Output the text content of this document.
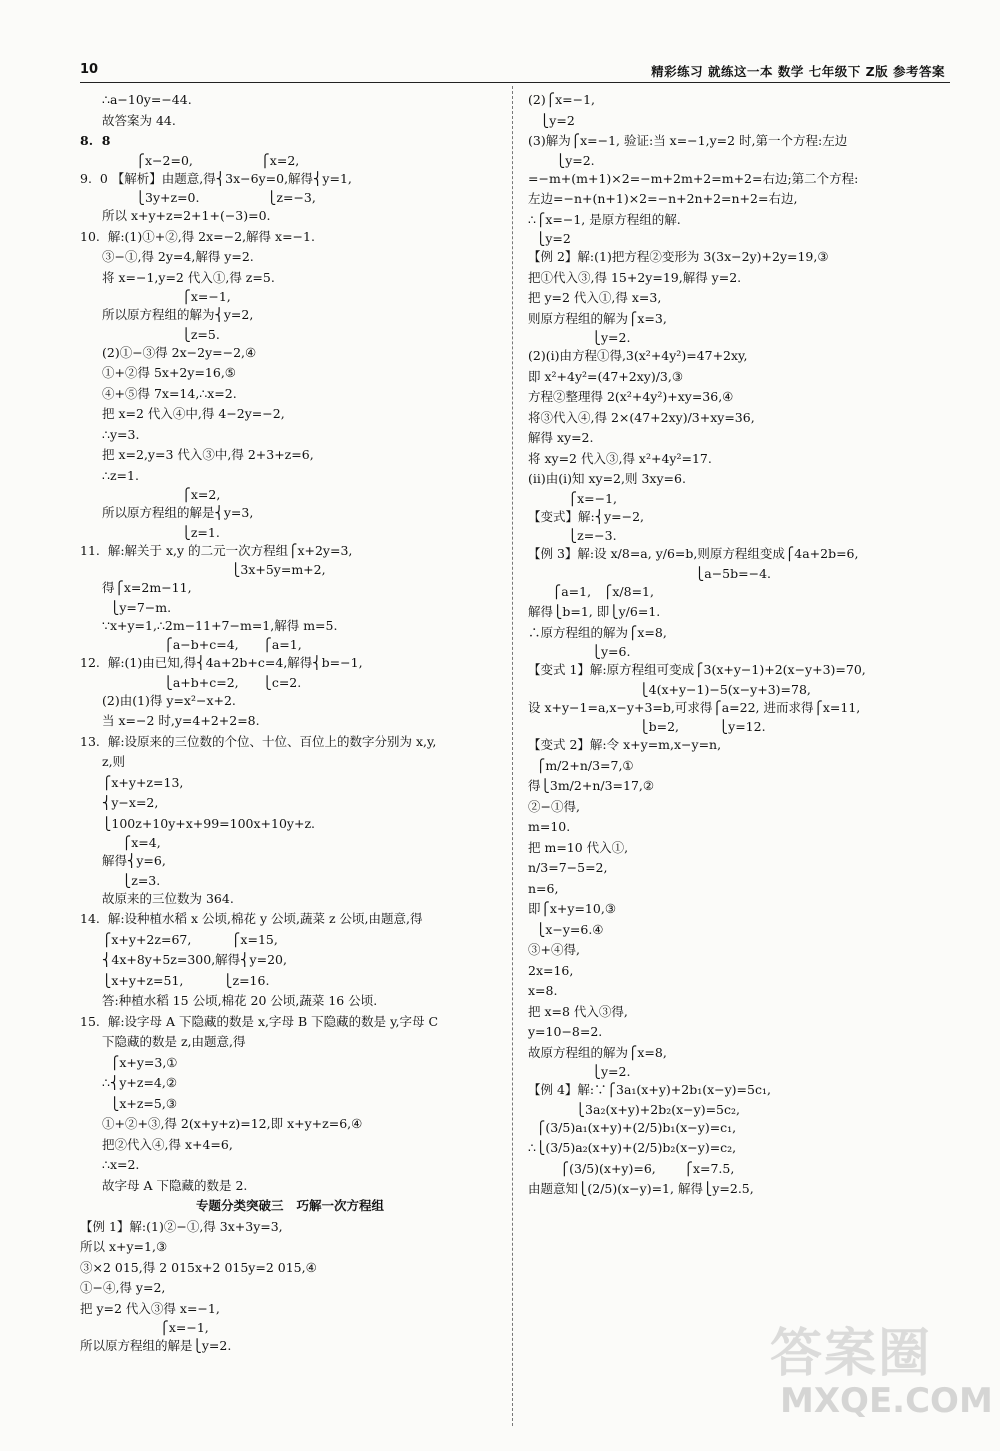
10	精彩练习 就练这一本 数学 七年级下 Z版 参考答案
∴a−10y=−44.
故答案为 44.
8.  8
⎧x−2=0,                 ⎧x=2,
9.  0 【解析】由题意,得⎨3x−6y=0,解得⎨y=1,
⎩3y+z=0.                 ⎩z=−3,
所以 x+y+z=2+1+(−3)=0.
10.  解:(1)①+②,得 2x=−2,解得 x=−1.
③−①,得 2y=4,解得 y=2.
将 x=−1,y=2 代入①,得 z=5.
⎧x=−1,
所以原方程组的解为⎨y=2,
⎩z=5.
(2)①−③得 2x−2y=−2,④
①+②得 5x+2y=16,⑤
④+⑤得 7x=14,∴x=2.
把 x=2 代入④中,得 4−2y=−2,
∴y=3.
把 x=2,y=3 代入③中,得 2+3+z=6,
∴z=1.
⎧x=2,
所以原方程组的解是⎨y=3,
⎩z=1.
11.  解:解关于 x,y 的二元一次方程组⎧x+2y=3,
⎩3x+5y=m+2,
得⎧x=2m−11,
⎩y=7−m.
∵x+y=1,∴2m−11+7−m=1,解得 m=5.
⎧a−b+c=4,      ⎧a=1,
12.  解:(1)由已知,得⎨4a+2b+c=4,解得⎨b=−1,
⎩a+b+c=2,      ⎩c=2.
(2)由(1)得 y=x²−x+2.
当 x=−2 时,y=4+2+2=8.
13.  解:设原来的三位数的个位、十位、百位上的数字分别为 x,y,
z,则
⎧x+y+z=13,
⎨y−x=2,
⎩100z+10y+x+99=100x+10y+z.
⎧x=4,
解得⎨y=6,
⎩z=3.
故原来的三位数为 364.
14.  解:设种植水稻 x 公顷,棉花 y 公顷,蔬菜 z 公顷,由题意,得
⎧x+y+2z=67,          ⎧x=15,
⎨4x+8y+5z=300,解得⎨y=20,
⎩x+y+z=51,          ⎩z=16.
答:种植水稻 15 公顷,棉花 20 公顷,蔬菜 16 公顷.
15.  解:设字母 A 下隐藏的数是 x,字母 B 下隐藏的数是 y,字母 C
下隐藏的数是 z,由题意,得
⎧x+y=3,①
∴⎨y+z=4,②
⎩x+z=5,③
①+②+③,得 2(x+y+z)=12,即 x+y+z=6,④
把②代入④,得 x+4=6,
∴x=2.
故字母 A 下隐藏的数是 2.
专题分类突破三   巧解一次方程组
【例 1】解:(1)②−①,得 3x+3y=3,
所以 x+y=1,③
③×2 015,得 2 015x+2 015y=2 015,④
①−④,得 y=2,
把 y=2 代入③得 x=−1,
⎧x=−1,
所以原方程组的解是⎩y=2.
(2)⎧x=−1,
⎩y=2
(3)解为⎧x=−1, 验证:当 x=−1,y=2 时,第一个方程:左边
⎩y=2.
=−m+(m+1)×2=−m+2m+2=m+2=右边;第二个方程:
左边=−n+(n+1)×2=−n+2n+2=n+2=右边,
∴⎧x=−1, 是原方程组的解.
⎩y=2
【例 2】解:(1)把方程②变形为 3(3x−2y)+2y=19,③
把①代入③,得 15+2y=19,解得 y=2.
把 y=2 代入①,得 x=3,
则原方程组的解为⎧x=3,
⎩y=2.
(2)(ⅰ)由方程①得,3(x²+4y²)=47+2xy,
即 x²+4y²=(47+2xy)/3,③
方程②整理得 2(x²+4y²)+xy=36,④
将③代入④,得 2×(47+2xy)/3+xy=36,
解得 xy=2.
将 xy=2 代入③,得 x²+4y²=17.
(ⅱ)由(ⅰ)知 xy=2,则 3xy=6.
⎧x=−1,
【变式】解:⎨y=−2,
⎩z=−3.
【例 3】解:设 x/8=a, y/6=b,则原方程组变成⎧4a+2b=6,
⎩a−5b=−4.
⎧a=1,   ⎧x/8=1,
解得⎩b=1, 即⎩y/6=1.
∴原方程组的解为⎧x=8,
⎩y=6.
【变式 1】解:原方程组可变成⎧3(x+y−1)+2(x−y+3)=70,
⎩4(x+y−1)−5(x−y+3)=78,
设 x+y−1=a,x−y+3=b,可求得⎧a=22, 进而求得⎧x=11,
⎩b=2,          ⎩y=12.
【变式 2】解:令 x+y=m,x−y=n,
⎧m/2+n/3=7,①
得⎩3m/2+n/3=17,②
②−①得,
m=10.
把 m=10 代入①,
n/3=7−5=2,
n=6,
即⎧x+y=10,③
⎩x−y=6.④
③+④得,
2x=16,
x=8.
把 x=8 代入③得,
y=10−8=2.
故原方程组的解为⎧x=8,
⎩y=2.
【例 4】解:∵⎧3a₁(x+y)+2b₁(x−y)=5c₁,
⎩3a₂(x+y)+2b₂(x−y)=5c₂,
⎧(3/5)a₁(x+y)+(2/5)b₁(x−y)=c₁,
∴⎩(3/5)a₂(x+y)+(2/5)b₂(x−y)=c₂,
⎧(3/5)(x+y)=6,       ⎧x=7.5,
由题意知⎩(2/5)(x−y)=1, 解得⎩y=2.5,
答案圈
MXQE.COM
